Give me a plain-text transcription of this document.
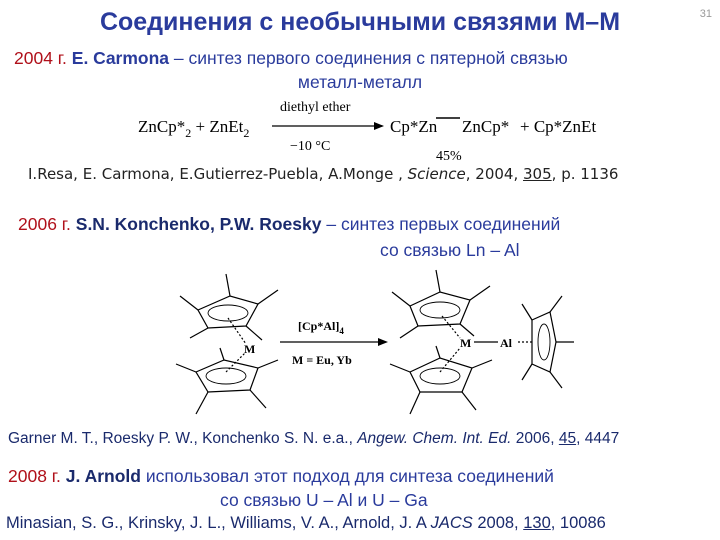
Соединения с необычными связями М–М	31
2004 г. E. Carmona – синтез первого соединения с пятерной связью
металл-металл
$ZnCp*_2$ + ZnEt$_2$
diethyl ether
−10 °C
Cp*Zn ZnCp* + Cp*ZnEt
45%
I.Resa, E. Carmona, E.Gutierrez-Puebla, A.Monge , Science, 2004, 305, p. 1136
2006 г. S.N. Konchenko, P.W. Roesky – синтез первых соединений
со связью Ln – Al
M
$[Cp*Al]_4$
M = Eu, Yb
M Al
Garner M. T., Roesky P. W., Konchenko S. N. e.a., Angew. Chem. Int. Ed. 2006, 45, 4447
2008 г. J. Arnold использовал этот подход для синтеза соединений
со связью U – Al и U – Ga
Minasian, S. G., Krinsky, J. L., Williams, V. A., Arnold, J. A JACS 2008, 130, 10086
